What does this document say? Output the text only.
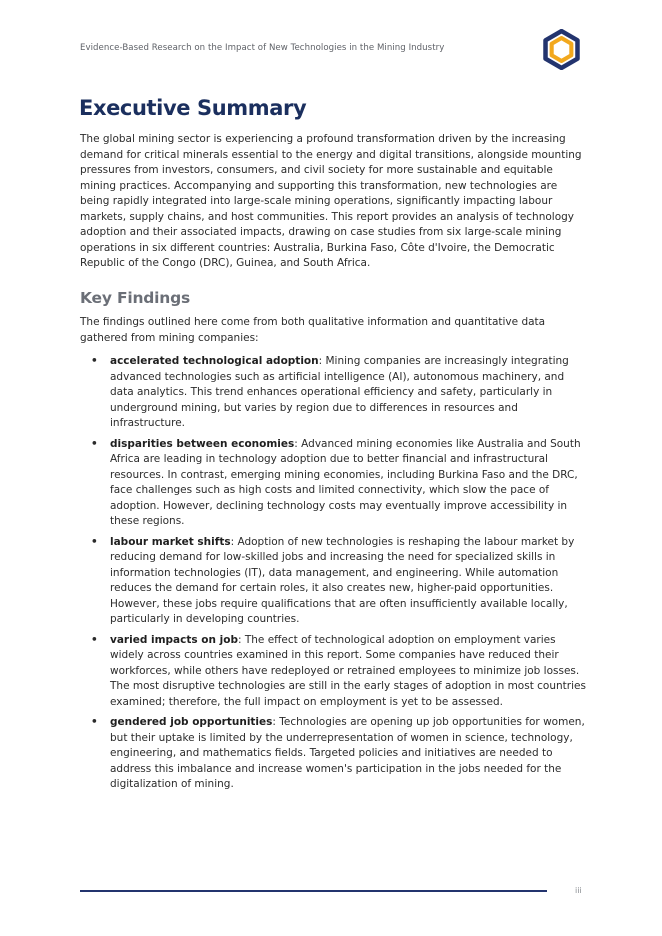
Evidence-Based Research on the Impact of New Technologies in the Mining Industry
Executive Summary

The global mining sector is experiencing a profound transformation driven by the increasing demand for critical minerals essential to the energy and digital transitions, alongside mounting pressures from investors, consumers, and civil society for more sustainable and equitable mining practices. Accompanying and supporting this transformation, new technologies are being rapidly integrated into large-scale mining operations, significantly impacting labour markets, supply chains, and host communities. This report provides an analysis of technology adoption and their associated impacts, drawing on case studies from six large-scale mining operations in six different countries: Australia, Burkina Faso, Côte d'Ivoire, the Democratic Republic of the Congo (DRC), Guinea, and South Africa.

Key Findings

The findings outlined here come from both qualitative information and quantitative data gathered from mining companies:

• accelerated technological adoption: Mining companies are increasingly integrating advanced technologies such as artificial intelligence (AI), autonomous machinery, and data analytics. This trend enhances operational efficiency and safety, particularly in underground mining, but varies by region due to differences in resources and infrastructure.
• disparities between economies: Advanced mining economies like Australia and South Africa are leading in technology adoption due to better financial and infrastructural resources. In contrast, emerging mining economies, including Burkina Faso and the DRC, face challenges such as high costs and limited connectivity, which slow the pace of adoption. However, declining technology costs may eventually improve accessibility in these regions.
• labour market shifts: Adoption of new technologies is reshaping the labour market by reducing demand for low-skilled jobs and increasing the need for specialized skills in information technologies (IT), data management, and engineering. While automation reduces the demand for certain roles, it also creates new, higher-paid opportunities. However, these jobs require qualifications that are often insufficiently available locally, particularly in developing countries.
• varied impacts on job: The effect of technological adoption on employment varies widely across countries examined in this report. Some companies have reduced their workforces, while others have redeployed or retrained employees to minimize job losses. The most disruptive technologies are still in the early stages of adoption in most countries examined; therefore, the full impact on employment is yet to be assessed.
• gendered job opportunities: Technologies are opening up job opportunities for women, but their uptake is limited by the underrepresentation of women in science, technology, engineering, and mathematics fields. Targeted policies and initiatives are needed to address this imbalance and increase women's participation in the jobs needed for the digitalization of mining.
iii
